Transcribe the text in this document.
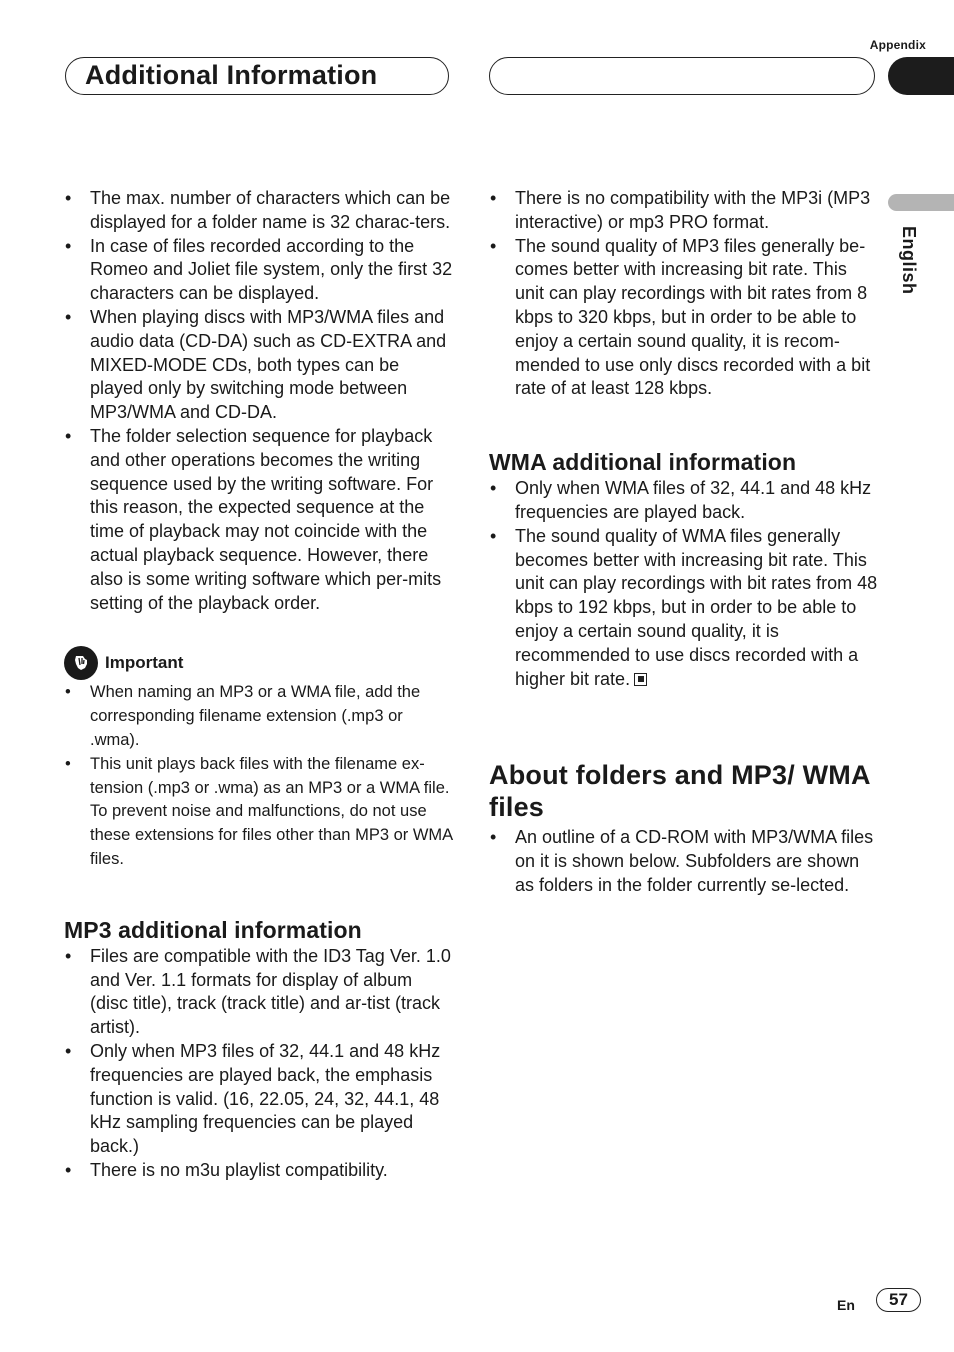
Appendix
Additional Information
English
• The max. number of characters which can be displayed for a folder name is 32 charac-ters.
• In case of files recorded according to the Romeo and Joliet file system, only the first 32 characters can be displayed.
• When playing discs with MP3/WMA files and audio data (CD-DA) such as CD-EXTRA and MIXED-MODE CDs, both types can be played only by switching mode between MP3/WMA and CD-DA.
• The folder selection sequence for playback and other operations becomes the writing sequence used by the writing software. For this reason, the expected sequence at the time of playback may not coincide with the actual playback sequence. However, there also is some writing software which per-mits setting of the playback order.
Important
• When naming an MP3 or a WMA file, add the corresponding filename extension (.mp3 or .wma).
• This unit plays back files with the filename ex-tension (.mp3 or .wma) as an MP3 or a WMA file. To prevent noise and malfunctions, do not use these extensions for files other than MP3 or WMA files.
MP3 additional information
• Files are compatible with the ID3 Tag Ver. 1.0 and Ver. 1.1 formats for display of album (disc title), track (track title) and ar-tist (track artist).
• Only when MP3 files of 32, 44.1 and 48 kHz frequencies are played back, the emphasis function is valid. (16, 22.05, 24, 32, 44.1, 48 kHz sampling frequencies can be played back.)
• There is no m3u playlist compatibility.
• There is no compatibility with the MP3i (MP3 interactive) or mp3 PRO format.
• The sound quality of MP3 files generally be-comes better with increasing bit rate. This unit can play recordings with bit rates from 8 kbps to 320 kbps, but in order to be able to enjoy a certain sound quality, it is recom-mended to use only discs recorded with a bit rate of at least 128 kbps.
WMA additional information
• Only when WMA files of 32, 44.1 and 48 kHz frequencies are played back.
• The sound quality of WMA files generally becomes better with increasing bit rate. This unit can play recordings with bit rates from 48 kbps to 192 kbps, but in order to be able to enjoy a certain sound quality, it is recommended to use discs recorded with a higher bit rate.
About folders and MP3/ WMA files
• An outline of a CD-ROM with MP3/WMA files on it is shown below. Subfolders are shown as folders in the folder currently se-lected.
En	57
